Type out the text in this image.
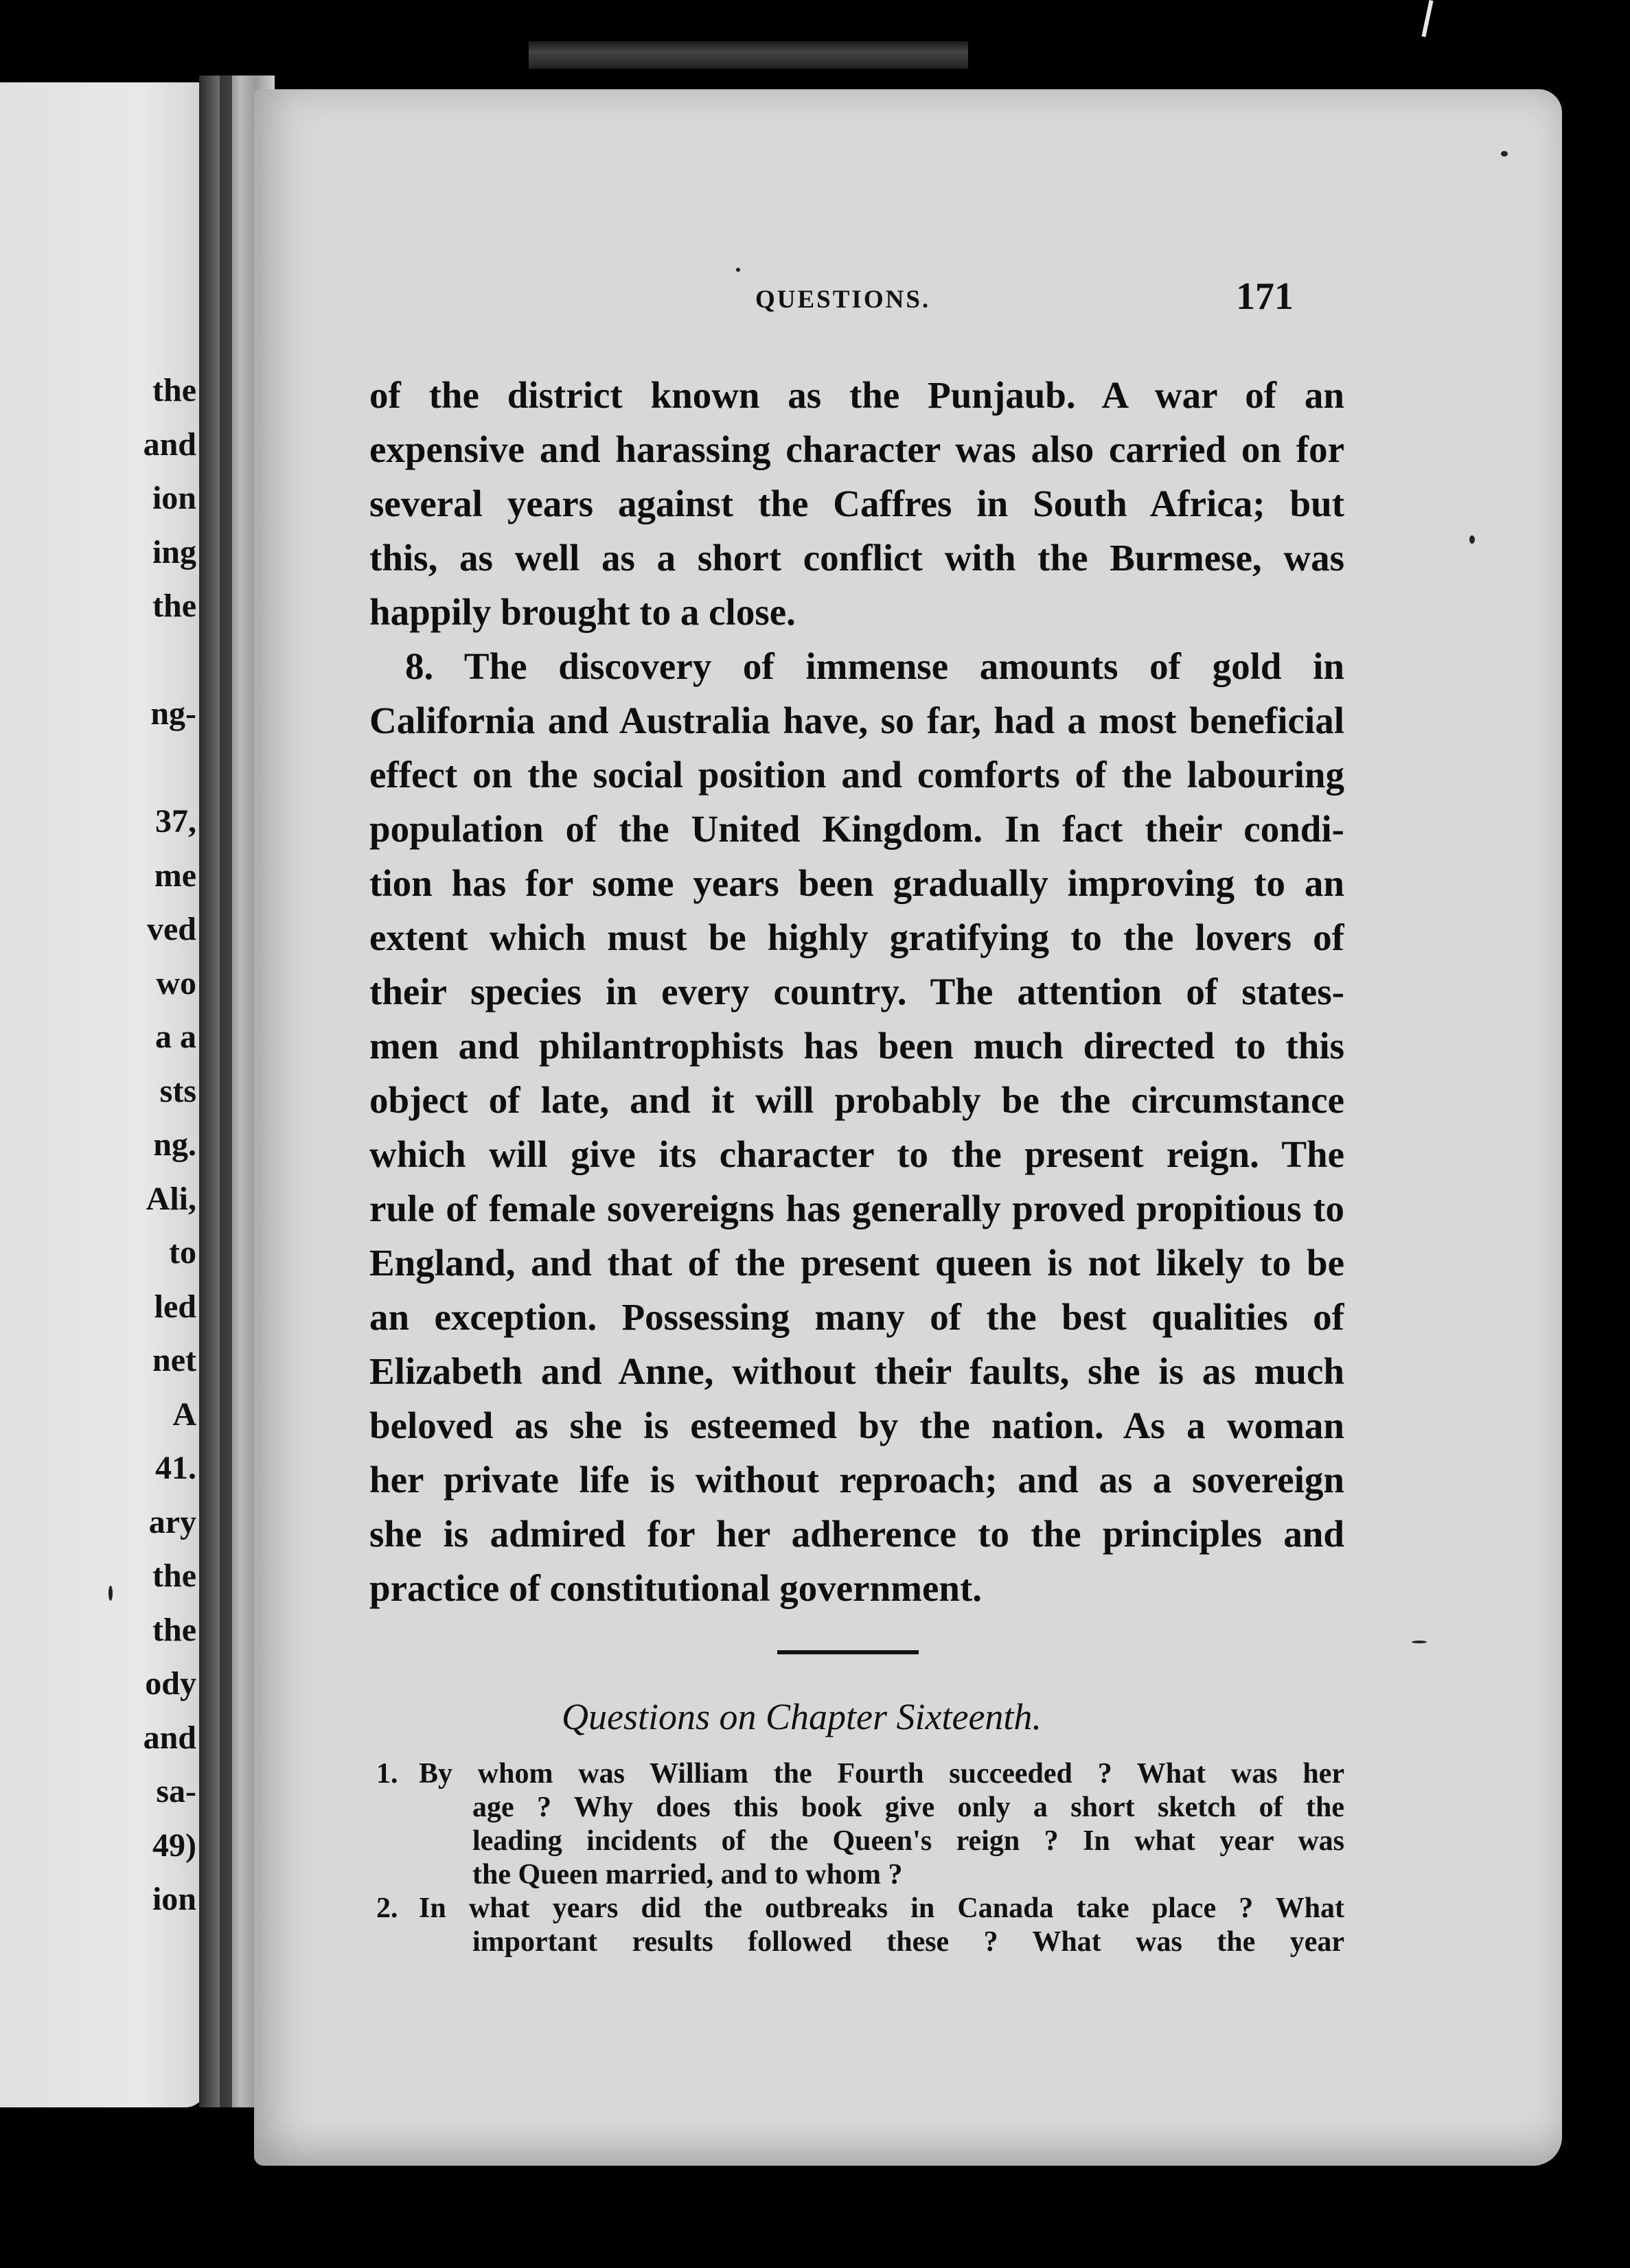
the
and
ion
ing
the
ng-
37,
me
ved
wo
a a
sts
ng.
Ali,
to
led
net
A
41.
ary
the
the
ody
and
sa-
49)
ion
QUESTIONS.	171
of the district known as the Punjaub. A war of an
expensive and harassing character was also carried on for
several years against the Caffres in South Africa; but
this, as well as a short conflict with the Burmese, was
happily brought to a close.
8. The discovery of immense amounts of gold in
California and Australia have, so far, had a most beneficial
effect on the social position and comforts of the labouring
population of the United Kingdom. In fact their condi-
tion has for some years been gradually improving to an
extent which must be highly gratifying to the lovers of
their species in every country. The attention of states-
men and philantrophists has been much directed to this
object of late, and it will probably be the circumstance
which will give its character to the present reign. The
rule of female sovereigns has generally proved propitious to
England, and that of the present queen is not likely to be
an exception. Possessing many of the best qualities of
Elizabeth and Anne, without their faults, she is as much
beloved as she is esteemed by the nation. As a woman
her private life is without reproach; and as a sovereign
she is admired for her adherence to the principles and
practice of constitutional government.
Questions on Chapter Sixteenth.
1. By whom was William the Fourth succeeded ? What was her
age ? Why does this book give only a short sketch of the
leading incidents of the Queen's reign ? In what year was
the Queen married, and to whom ?
2. In what years did the outbreaks in Canada take place ? What
important results followed these ? What was the year
